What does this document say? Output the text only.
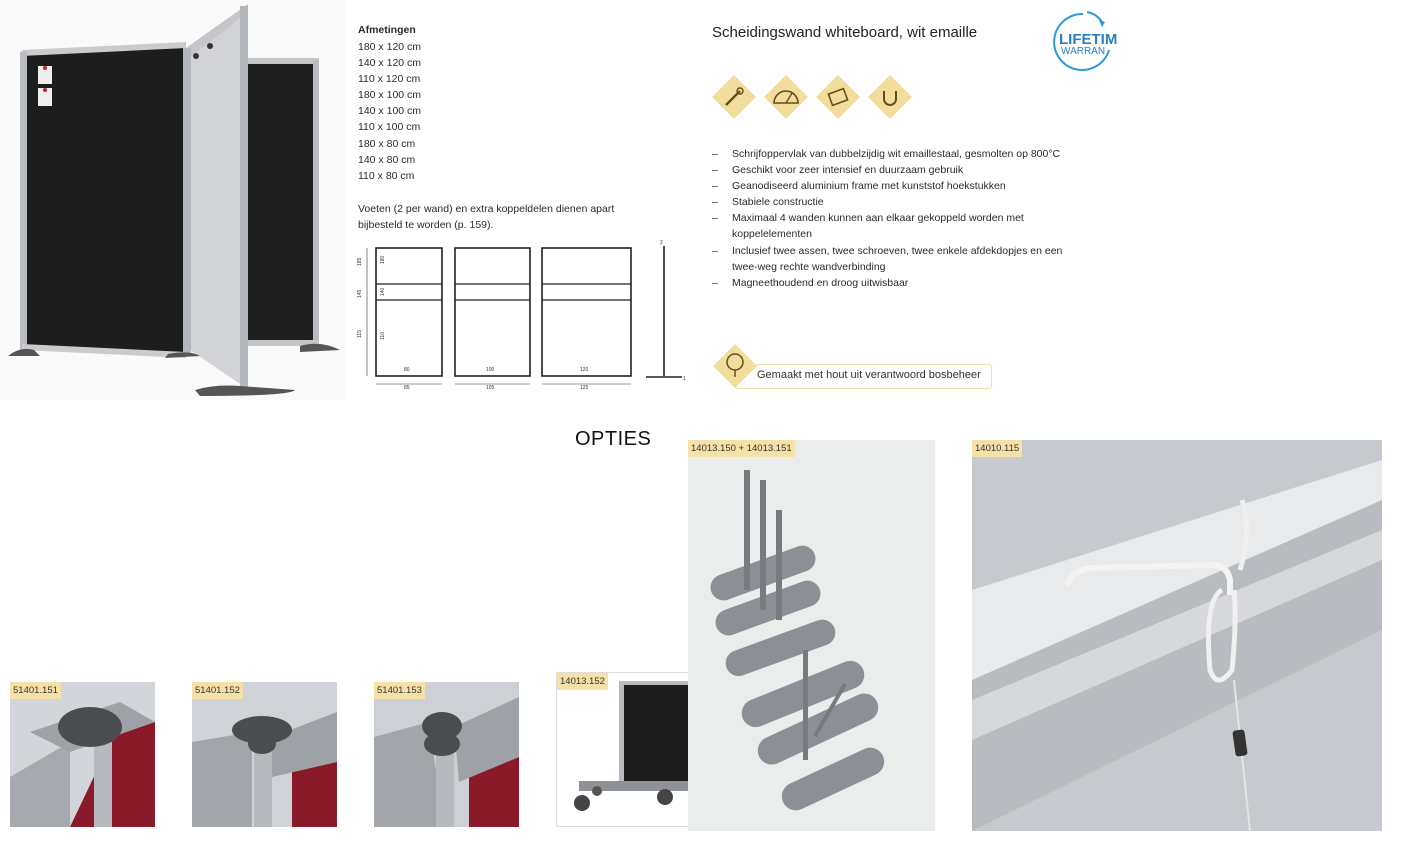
Afmetingen
180 x 120 cm
140 x 120 cm
110 x 120 cm
180 x 100 cm
140 x 100 cm
110 x 100 cm
180 x 80 cm
140 x 80 cm
110 x 80 cm
Voeten (2 per wand) en extra koppeldelen dienen apart bijbesteld te worden (p. 159).
185
145
115
180
140
110
80
85
100
105
120
125
2
1
Scheidingswand whiteboard, wit emaille	LIFETIM
WARRAN
–	Schrijfoppervlak van dubbelzijdig wit emaillestaal, gesmolten op 800°C
–	Geschikt voor zeer intensief en duurzaam gebruik
–	Geanodiseerd aluminium frame met kunststof hoekstukken
–	Stabiele constructie
–	Maximaal 4 wanden kunnen aan elkaar gekoppeld worden met koppelelementen
–	Inclusief twee assen, twee schroeven, twee enkele afdekdopjes en een twee-weg rechte wandverbinding
–	Magneethoudend en droog uitwisbaar
Gemaakt met hout uit verantwoord bosbeheer
OPTIES
51401.151	51401.152	51401.153
14013.152
14013.150 + 14013.151	14010.115
